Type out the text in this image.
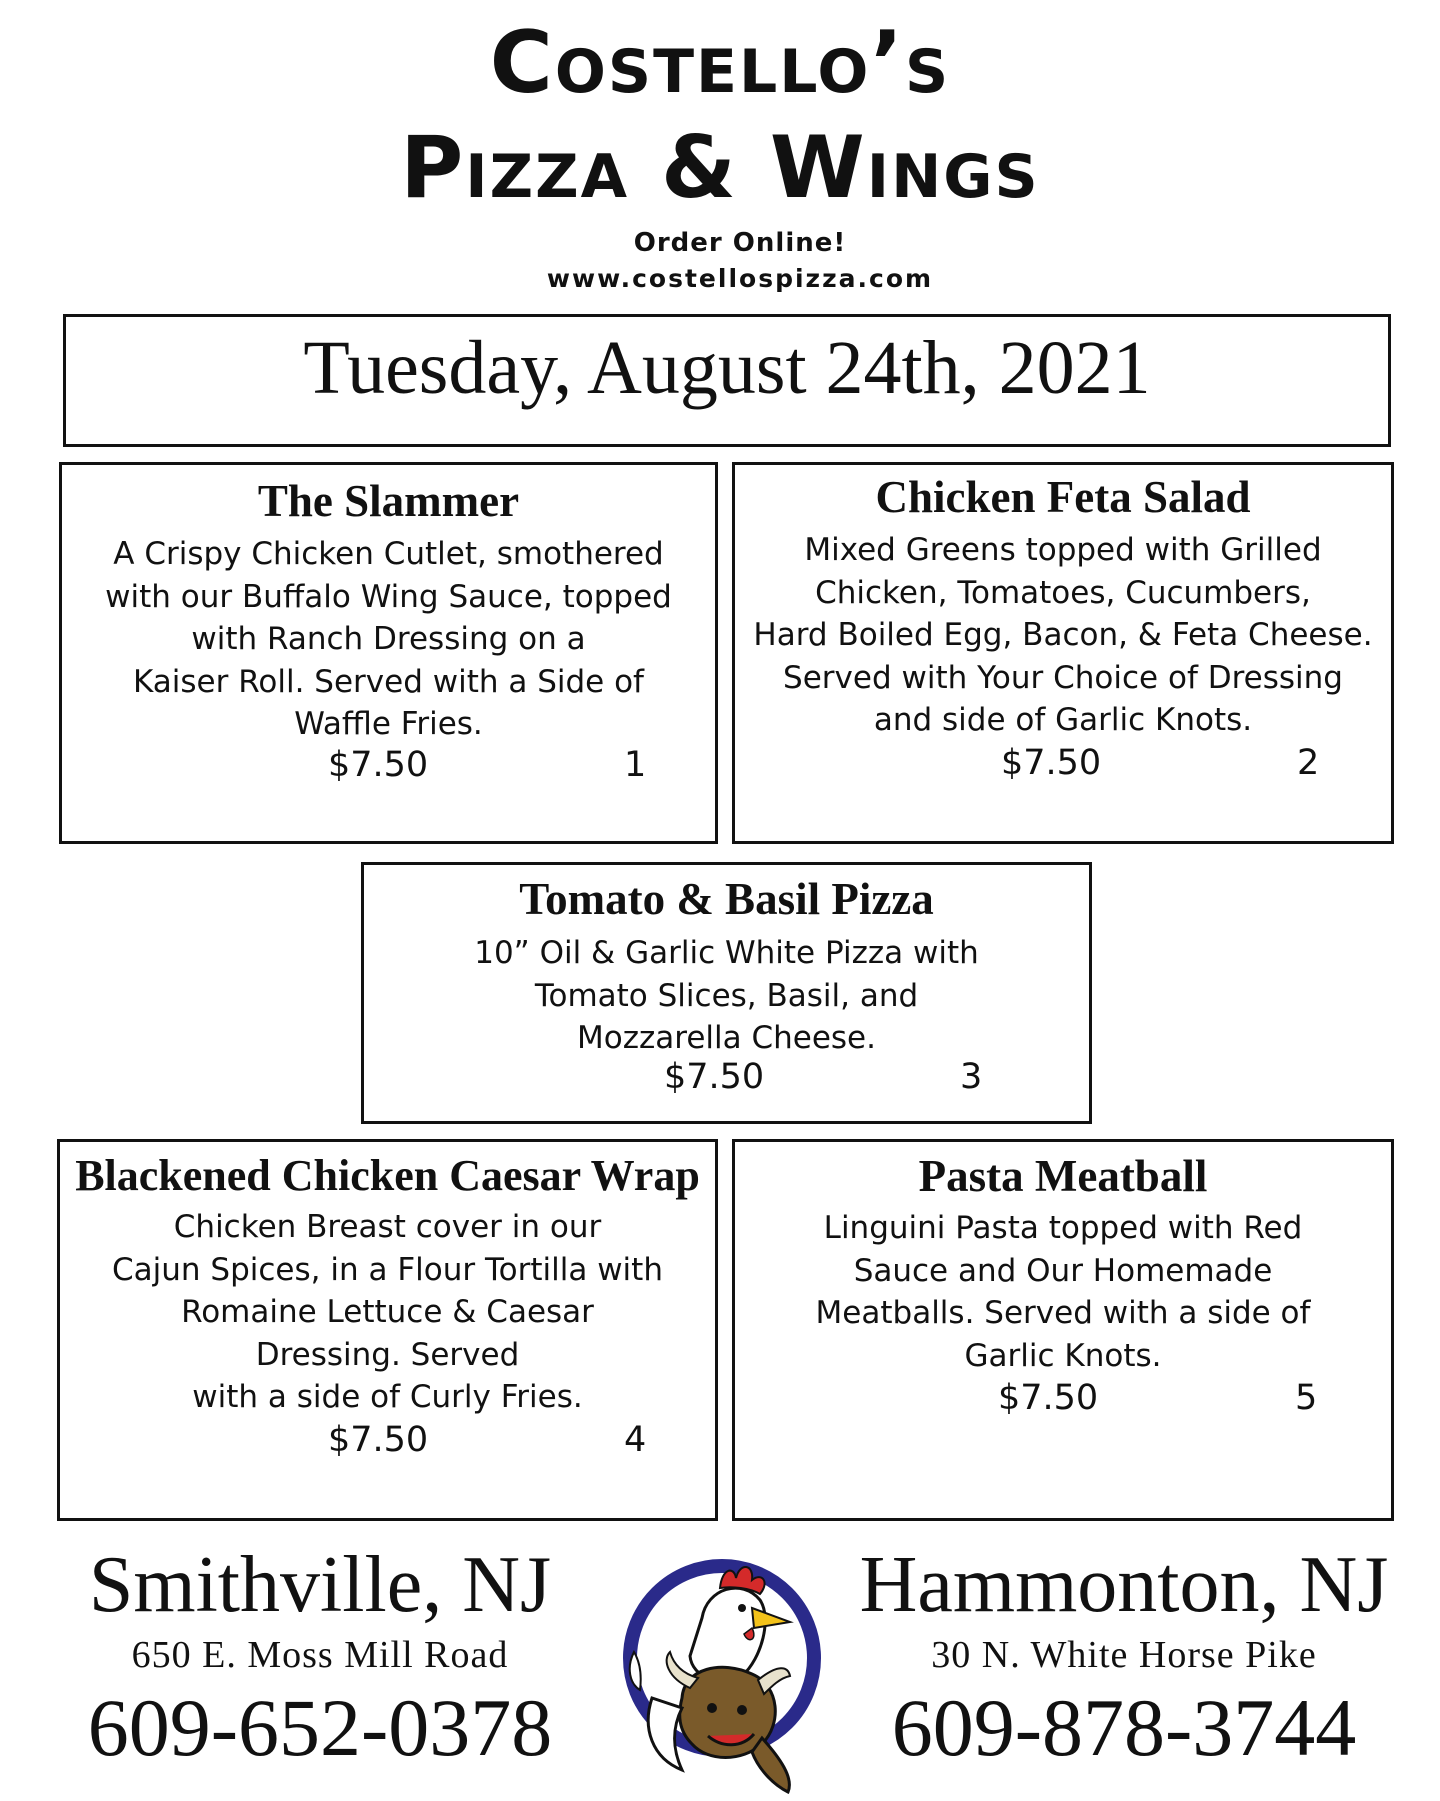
Costello’s
Pizza & Wings
Order Online!
www.costellospizza.com
Tuesday, August 24th, 2021
The Slammer
A Crispy Chicken Cutlet, smothered
with our Buffalo Wing Sauce, topped
with Ranch Dressing on a
Kaiser Roll. Served with a Side of
Waffle Fries.
$7.50	1
Chicken Feta Salad
Mixed Greens topped with Grilled
Chicken, Tomatoes, Cucumbers,
Hard Boiled Egg, Bacon, & Feta Cheese.
Served with Your Choice of Dressing
and side of Garlic Knots.
$7.50	2
Tomato & Basil Pizza
10” Oil & Garlic White Pizza with
Tomato Slices, Basil, and
Mozzarella Cheese.
$7.50	3
Blackened Chicken Caesar Wrap
Chicken Breast cover in our
Cajun Spices, in a Flour Tortilla with
Romaine Lettuce & Caesar
Dressing. Served
with a side of Curly Fries.
$7.50	4
Pasta Meatball
Linguini Pasta topped with Red
Sauce and Our Homemade
Meatballs. Served with a side of
Garlic Knots.
$7.50	5
Smithville, NJ
650 E. Moss Mill Road
609-652-0378
Hammonton, NJ
30 N. White Horse Pike
609-878-3744
